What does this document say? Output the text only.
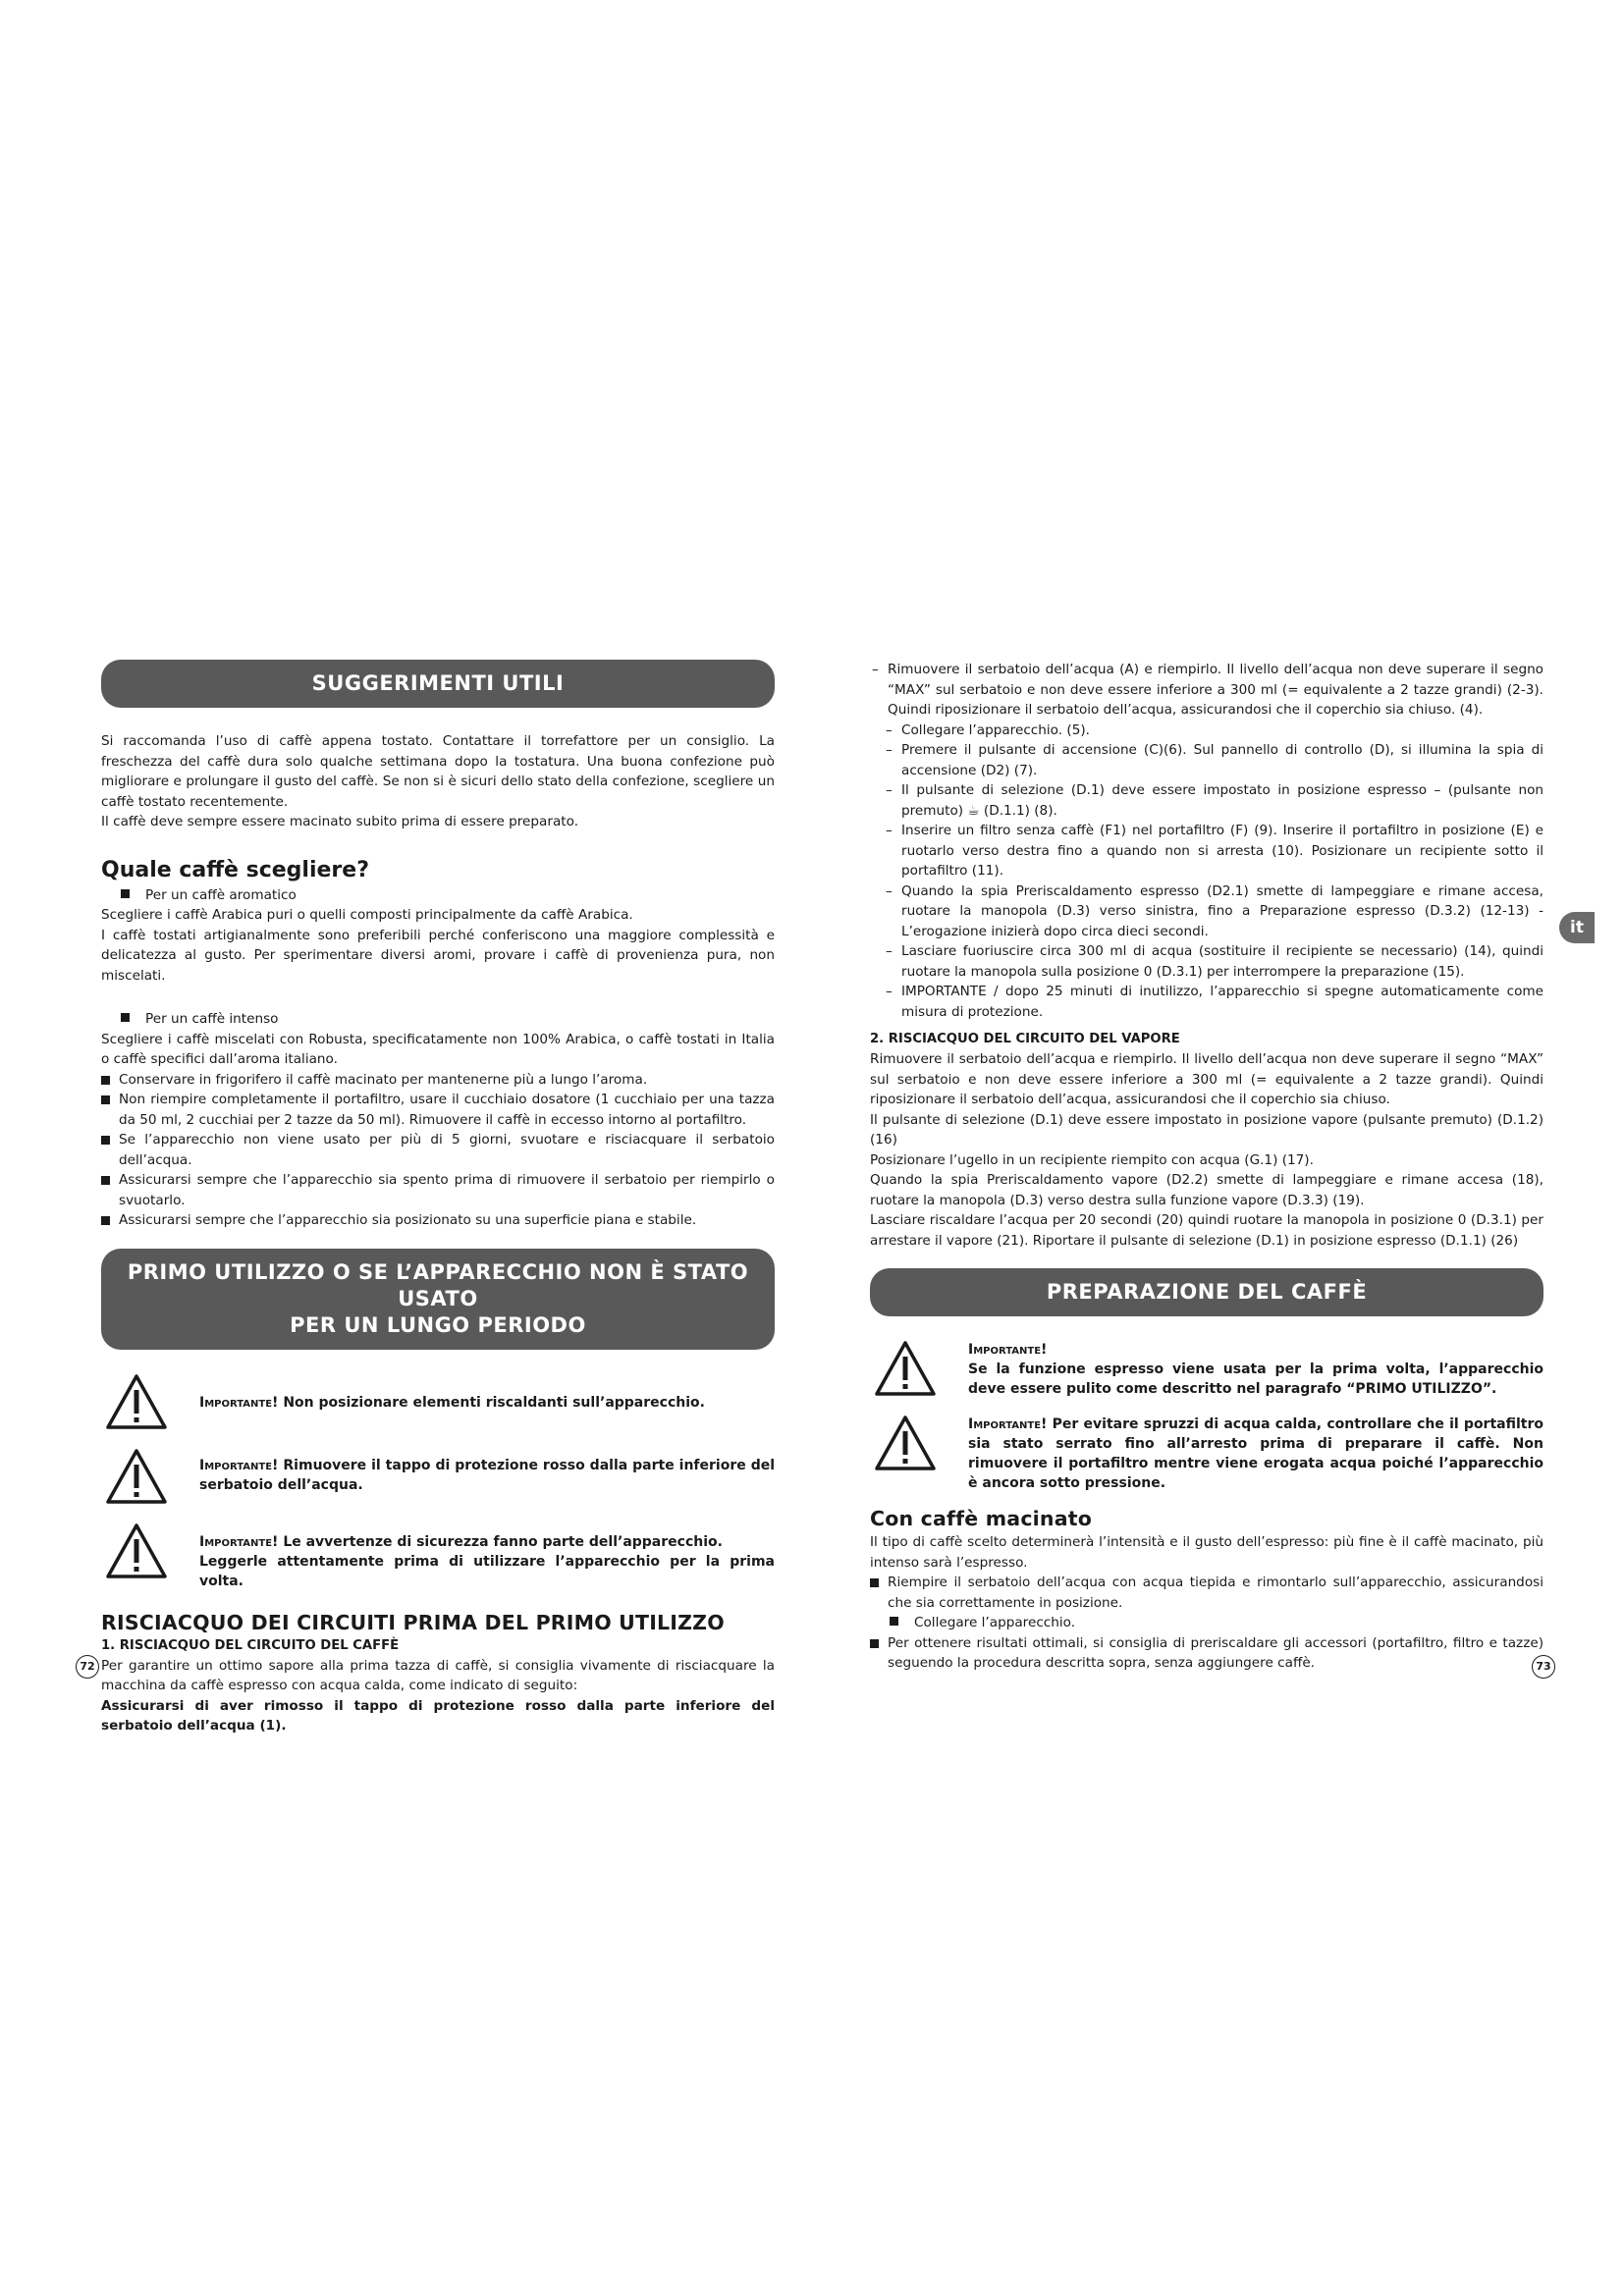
SUGGERIMENTI UTILI

Si raccomanda l’uso di caffè appena tostato. Contattare il torrefattore per un consiglio. La freschezza del caffè dura solo qualche settimana dopo la tostatura. Una buona confezione può migliorare e prolungare il gusto del caffè. Se non si è sicuri dello stato della confezione, scegliere un caffè tostato recentemente.

Il caffè deve sempre essere macinato subito prima di essere preparato.

Quale caffè scegliere?

Per un caffè aromatico

Scegliere i caffè Arabica puri o quelli composti principalmente da caffè Arabica.

I caffè tostati artigianalmente sono preferibili perché conferiscono una maggiore complessità e delicatezza al gusto. Per sperimentare diversi aromi, provare i caffè di provenienza pura, non miscelati.

Per un caffè intenso

Scegliere i caffè miscelati con Robusta, specificatamente non 100% Arabica, o caffè tostati in Italia o caffè specifici dall’aroma italiano.

Conservare in frigorifero il caffè macinato per mantenerne più a lungo l’aroma.
Non riempire completamente il portafiltro, usare il cucchiaio dosatore (1 cucchiaio per una tazza da 50 ml, 2 cucchiai per 2 tazze da 50 ml). Rimuovere il caffè in eccesso intorno al portafiltro.
Se l’apparecchio non viene usato per più di 5 giorni, svuotare e risciacquare il serbatoio dell’acqua.
Assicurarsi sempre che l’apparecchio sia spento prima di rimuovere il serbatoio per riempirlo o svuotarlo.
Assicurarsi sempre che l’apparecchio sia posizionato su una superficie piana e stabile.
PRIMO UTILIZZO O SE L’APPARECCHIO NON È STATO USATO
PER UN LUNGO PERIODO
Importante! Non posizionare elementi riscaldanti sull’apparecchio.
Importante! Rimuovere il tappo di protezione rosso dalla parte inferiore del serbatoio dell’acqua.
Importante! Le avvertenze di sicurezza fanno parte dell’apparecchio.
Leggerle attentamente prima di utilizzare l’apparecchio per la prima volta.

RISCIACQUO DEI CIRCUITI PRIMA DEL PRIMO UTILIZZO

1. RISCIACQUO DEL CIRCUITO DEL CAFFÈ

Per garantire un ottimo sapore alla prima tazza di caffè, si consiglia vivamente di risciacquare la macchina da caffè espresso con acqua calda, come indicato di seguito:

Assicurarsi di aver rimosso il tappo di protezione rosso dalla parte inferiore del serbatoio dell’acqua (1).

– Rimuovere il serbatoio dell’acqua (A) e riempirlo. Il livello dell’acqua non deve superare il segno “MAX” sul serbatoio e non deve essere inferiore a 300 ml (= equivalente a 2 tazze grandi) (2-3). Quindi riposizionare il serbatoio dell’acqua, assicurandosi che il coperchio sia chiuso. (4).
– Collegare l’apparecchio. (5).
– Premere il pulsante di accensione (C)(6). Sul pannello di controllo (D), si illumina la spia di accensione (D2) (7).
– Il pulsante di selezione (D.1) deve essere impostato in posizione espresso – (pulsante non premuto) ☕ (D.1.1) (8).
– Inserire un filtro senza caffè (F1) nel portafiltro (F) (9). Inserire il portafiltro in posizione (E) e ruotarlo verso destra fino a quando non si arresta (10). Posizionare un recipiente sotto il portafiltro (11).
– Quando la spia Preriscaldamento espresso (D2.1) smette di lampeggiare e rimane accesa, ruotare la manopola (D.3) verso sinistra, fino a Preparazione espresso (D.3.2) (12-13) - L’erogazione inizierà dopo circa dieci secondi.
– Lasciare fuoriuscire circa 300 ml di acqua (sostituire il recipiente se necessario) (14), quindi ruotare la manopola sulla posizione 0 (D.3.1) per interrompere la preparazione (15).
– IMPORTANTE / dopo 25 minuti di inutilizzo, l’apparecchio si spegne automaticamente come misura di protezione.

2. RISCIACQUO DEL CIRCUITO DEL VAPORE

Rimuovere il serbatoio dell’acqua e riempirlo. Il livello dell’acqua non deve superare il segno “MAX” sul serbatoio e non deve essere inferiore a 300 ml (= equivalente a 2 tazze grandi). Quindi riposizionare il serbatoio dell’acqua, assicurandosi che il coperchio sia chiuso.

Il pulsante di selezione (D.1) deve essere impostato in posizione vapore (pulsante premuto) (D.1.2) (16)

Posizionare l’ugello in un recipiente riempito con acqua (G.1) (17).

Quando la spia Preriscaldamento vapore (D2.2) smette di lampeggiare e rimane accesa (18), ruotare la manopola (D.3) verso destra sulla funzione vapore (D.3.3) (19).

Lasciare riscaldare l’acqua per 20 secondi (20) quindi ruotare la manopola in posizione 0 (D.3.1) per arrestare il vapore (21). Riportare il pulsante di selezione (D.1) in posizione espresso (D.1.1) (26)

PREPARAZIONE DEL CAFFÈ
Importante!
Se la funzione espresso viene usata per la prima volta, l’apparecchio deve essere pulito come descritto nel paragrafo “PRIMO UTILIZZO”.
Importante! Per evitare spruzzi di acqua calda, controllare che il portafiltro sia stato serrato fino all’arresto prima di preparare il caffè. Non rimuovere il portafiltro mentre viene erogata acqua poiché l’apparecchio è ancora sotto pressione.

Con caffè macinato

Il tipo di caffè scelto determinerà l’intensità e il gusto dell’espresso: più fine è il caffè macinato, più intenso sarà l’espresso.

Riempire il serbatoio dell’acqua con acqua tiepida e rimontarlo sull’apparecchio, assicurandosi che sia correttamente in posizione.
Collegare l’apparecchio.
Per ottenere risultati ottimali, si consiglia di preriscaldare gli accessori (portafiltro, filtro e tazze) seguendo la procedura descritta sopra, senza aggiungere caffè.
72	73
it
